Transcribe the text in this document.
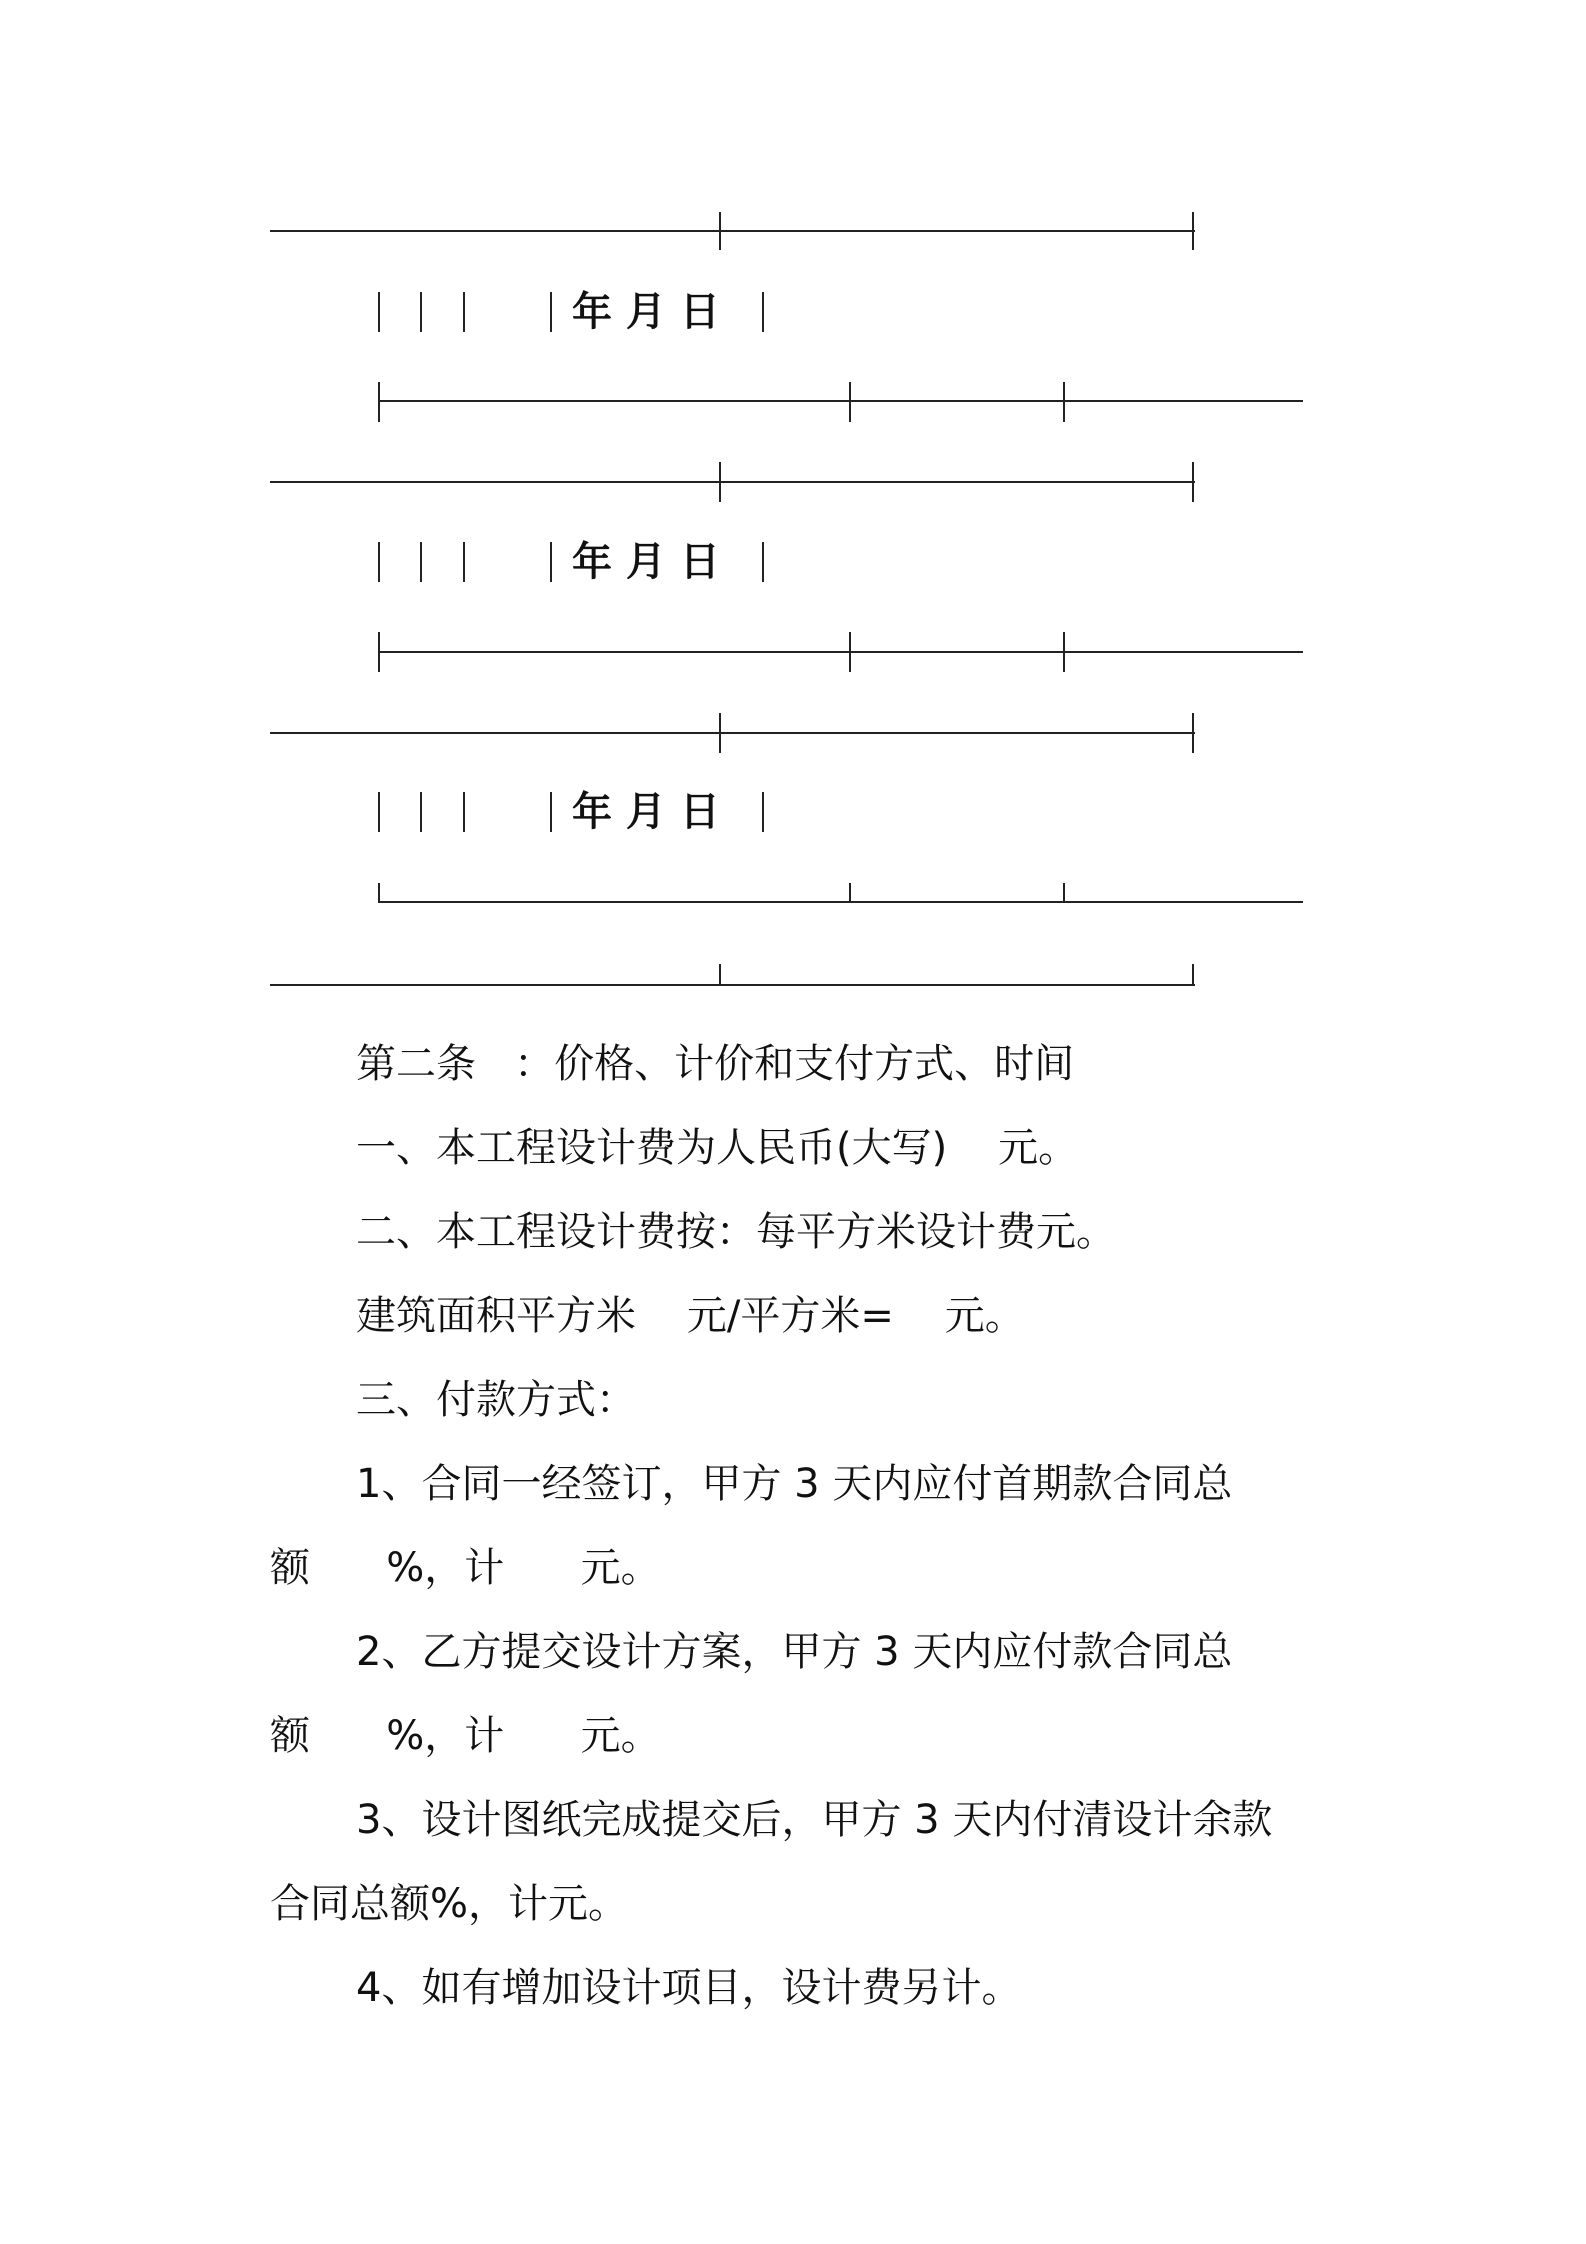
年 月 日
年 月 日
年 月 日
第二条   ：价格、计价和支付方式、时间
一、本工程设计费为人民币(大写)    元。
二、本工程设计费按：每平方米设计费元。
建筑面积平方米    元/平方米=    元。
三、付款方式：
1、合同一经签订，甲方 3 天内应付首期款合同总
额      %，计      元。
2、乙方提交设计方案，甲方 3 天内应付款合同总
额      %，计      元。
3、设计图纸完成提交后，甲方 3 天内付清设计余款
合同总额%，计元。
4、如有增加设计项目，设计费另计。
